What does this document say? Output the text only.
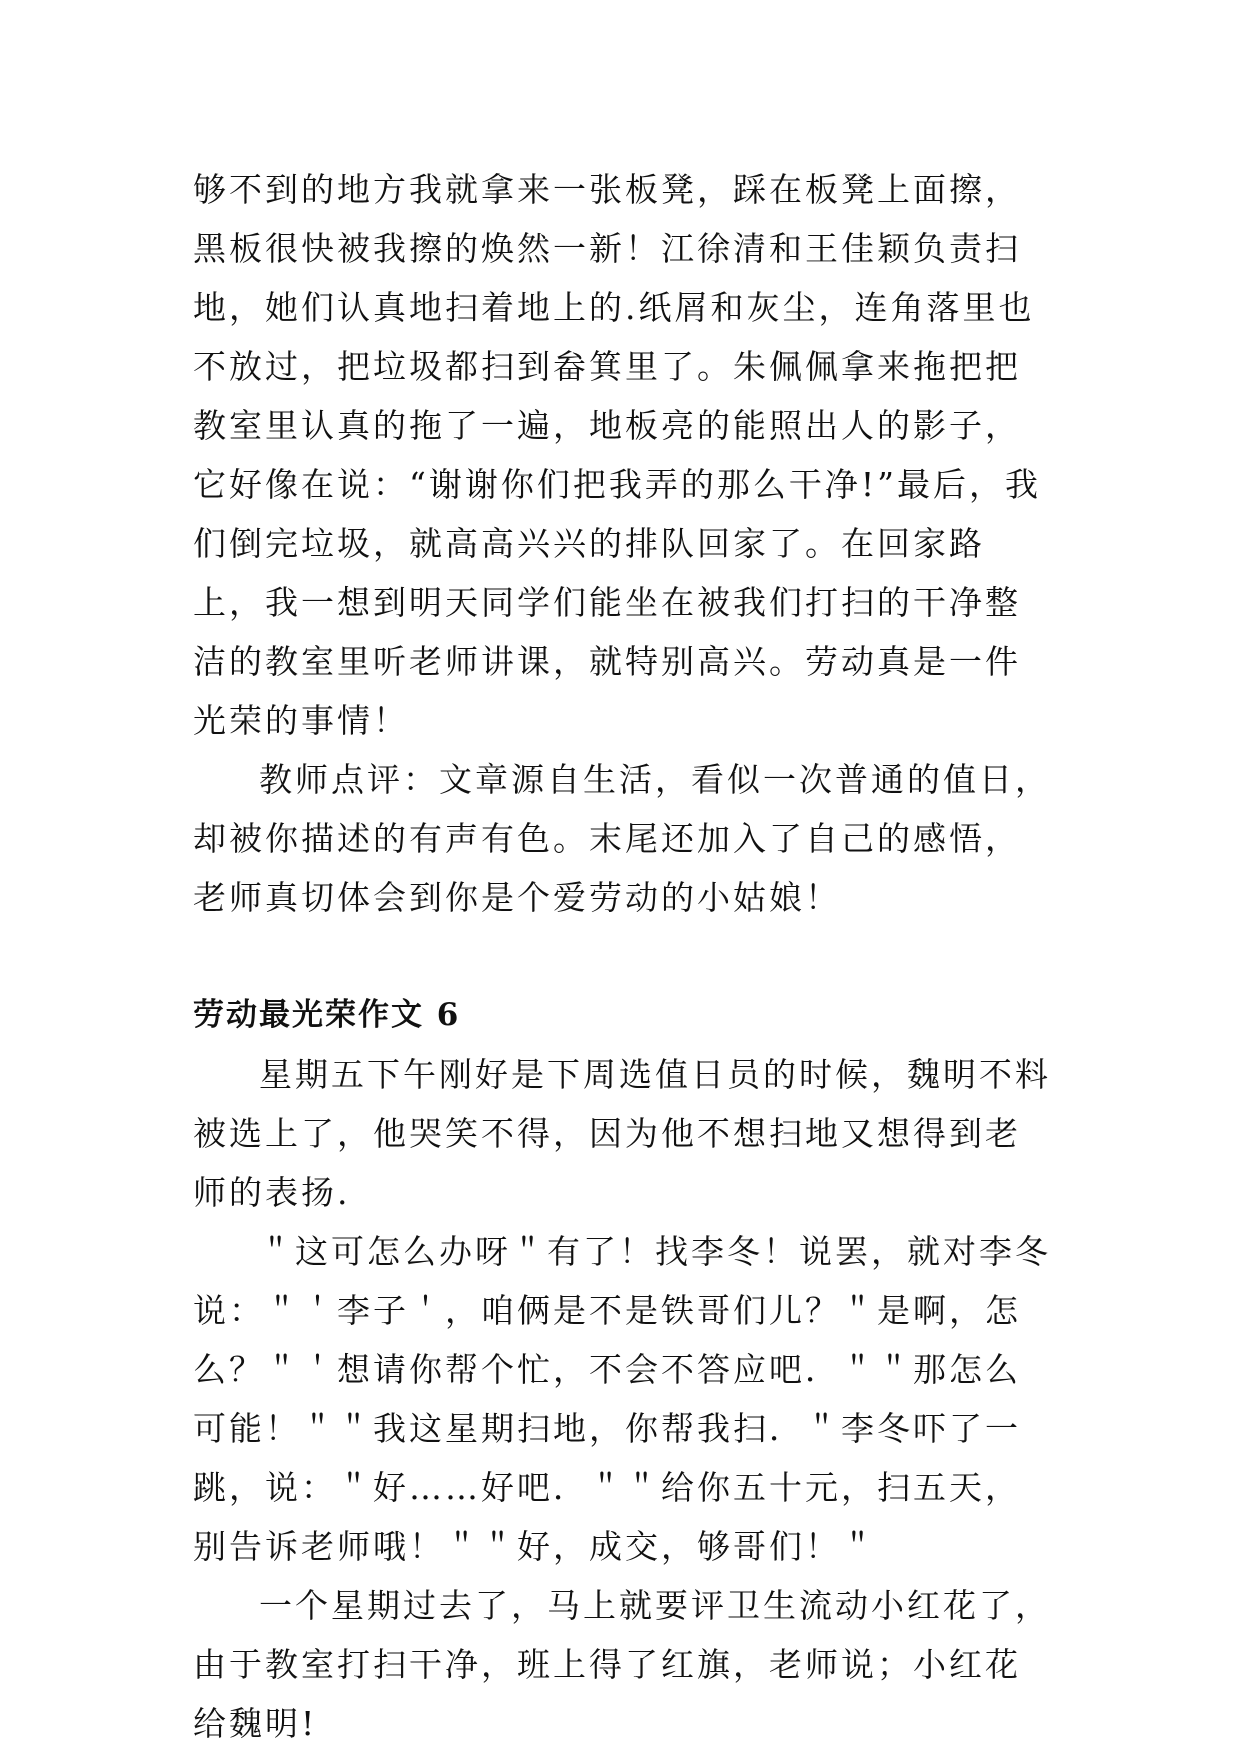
够不到的地方我就拿来一张板凳，踩在板凳上面擦，黑板很快被我擦的焕然一新！江徐清和王佳颖负责扫地，她们认真地扫着地上的.纸屑和灰尘，连角落里也不放过，把垃圾都扫到畚箕里了。朱佩佩拿来拖把把教室里认真的拖了一遍，地板亮的能照出人的影子，它好像在说：“谢谢你们把我弄的那么干净!”最后，我们倒完垃圾，就高高兴兴的排队回家了。在回家路上，我一想到明天同学们能坐在被我们打扫的干净整洁的教室里听老师讲课，就特别高兴。劳动真是一件光荣的事情！

教师点评：文章源自生活，看似一次普通的值日，却被你描述的有声有色。末尾还加入了自己的感悟，老师真切体会到你是个爱劳动的小姑娘！

劳动最光荣作文 6

星期五下午刚好是下周选值日员的时候，魏明不料被选上了，他哭笑不得，因为他不想扫地又想得到老师的表扬.

＂这可怎么办呀＂有了！找李冬！说罢，就对李冬说：＂＇李子＇，咱俩是不是铁哥们儿？＂是啊，怎么？＂＇想请你帮个忙，不会不答应吧．＂＂那怎么可能！＂＂我这星期扫地，你帮我扫．＂李冬吓了一跳，说：＂好……好吧．＂＂给你五十元，扫五天，别告诉老师哦！＂＂好，成交，够哥们！＂

一个星期过去了，马上就要评卫生流动小红花了，由于教室打扫干净，班上得了红旗，老师说；小红花给魏明!
